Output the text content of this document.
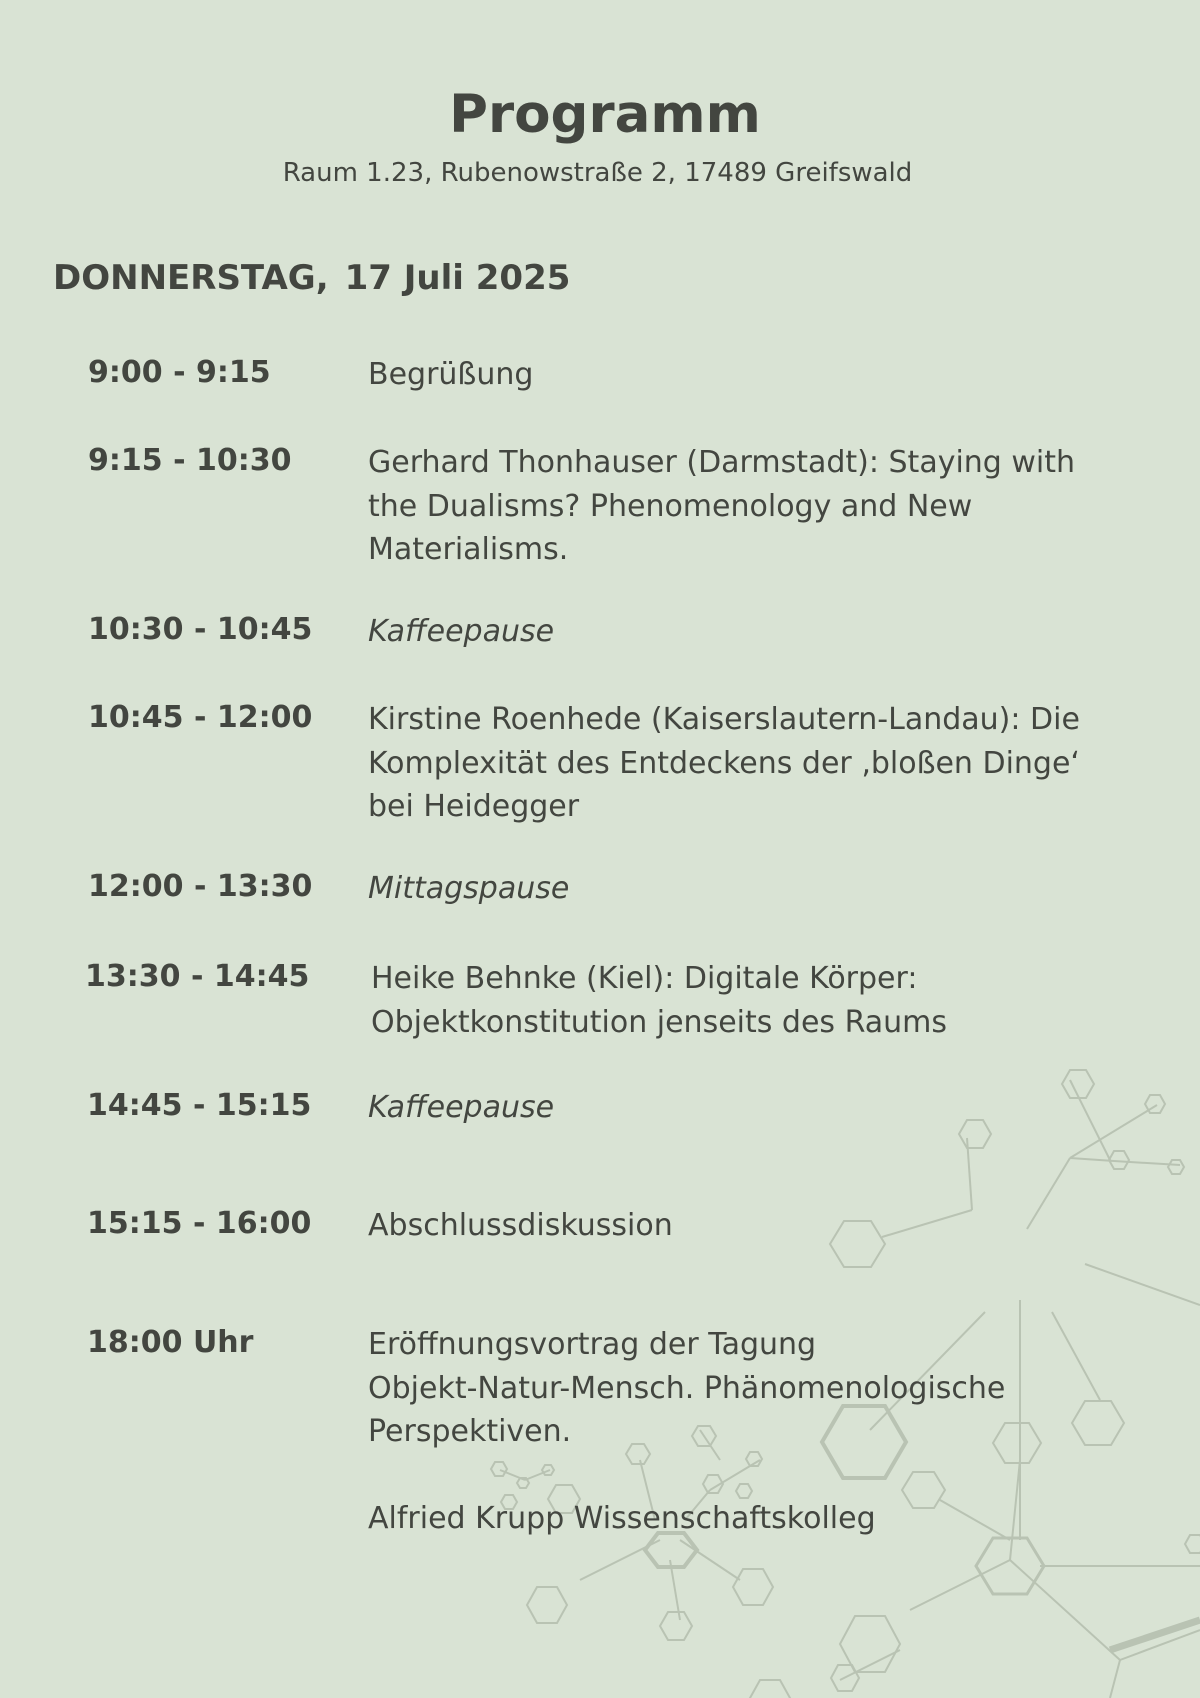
Programm

Raum 1.23, Rubenowstraße 2, 17489 Greifswald

DONNERSTAG, 17 Juli 2025
9:00 - 9:15	Begrüßung

9:15 - 10:30	Gerhard Thonhauser (Darmstadt): Staying with

the Dualisms? Phenomenology and New

Materialisms.

10:30 - 10:45 Kaffeepause

10:45 - 12:00 Kirstine Roenhede (Kaiserslautern-Landau): Die

Komplexität des Entdeckens der ‚bloßen Dinge‘

bei Heidegger

12:00 - 13:30 Mittagspause

13:30 - 14:45 Heike Behnke (Kiel): Digitale Körper:

Objektkonstitution jenseits des Raums

14:45 - 15:15 Kaffeepause

15:15 - 16:00 Abschlussdiskussion

18:00 Uhr	Eröffnungsvortrag der Tagung

Objekt-Natur-Mensch. Phänomenologische

Perspektiven.

Alfried Krupp Wissenschaftskolleg
